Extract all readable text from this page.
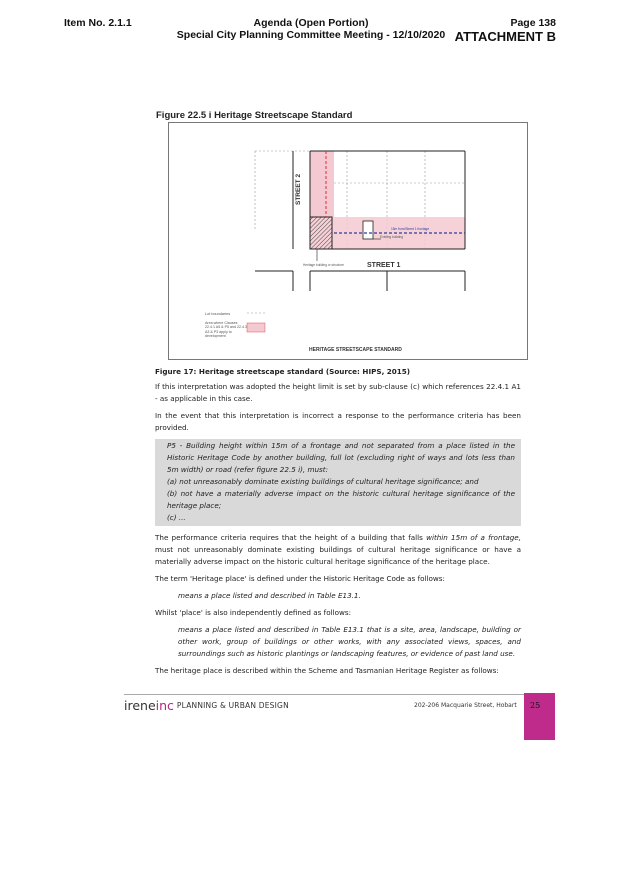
Item No. 2.1.1	Agenda (Open Portion)
Special City Planning Committee Meeting - 12/10/2020
Page 138
ATTACHMENT B
Figure 22.5 i Heritage Streetscape Standard
STREET 2
STREET 1
15m from/Street 1 frontage
Existing building
Heritage building or structure
Lot boundaries
Area where Clauses 22.4.1 A5 & P5 and 22.4.3 A3 & P3 apply to development
HERITAGE STREETSCAPE STANDARD

Figure 17: Heritage streetscape standard (Source: HIPS, 2015)

If this interpretation was adopted the height limit is set by sub-clause (c) which references 22.4.1 A1 - as applicable in this case.

In the event that this interpretation is incorrect a response to the performance criteria has been provided.

P5 - Building height within 15m of a frontage and not separated from a place listed in the Historic Heritage Code by another building, full lot (excluding right of ways and lots less than 5m width) or road (refer figure 22.5 i), must:
(a) not unreasonably dominate existing buildings of cultural heritage significance; and
(b) not have a materially adverse impact on the historic cultural heritage significance of the heritage place;
(c) ...

The performance criteria requires that the height of a building that falls within 15m of a frontage, must not unreasonably dominate existing buildings of cultural heritage significance or have a materially adverse impact on the historic cultural heritage significance of the heritage place.

The term 'Heritage place' is defined under the Historic Heritage Code as follows:

means a place listed and described in Table E13.1.

Whilst 'place' is also independently defined as follows:

means a place listed and described in Table E13.1 that is a site, area, landscape, building or other work, group of buildings or other works, with any associated views, spaces, and surroundings such as historic plantings or landscaping features, or evidence of past land use.

The heritage place is described within the Scheme and Tasmanian Heritage Register as follows:

ireneinc $^{PLANNING \& URBAN DESIGN}$	202-206 Macquarie Street, Hobart 25
